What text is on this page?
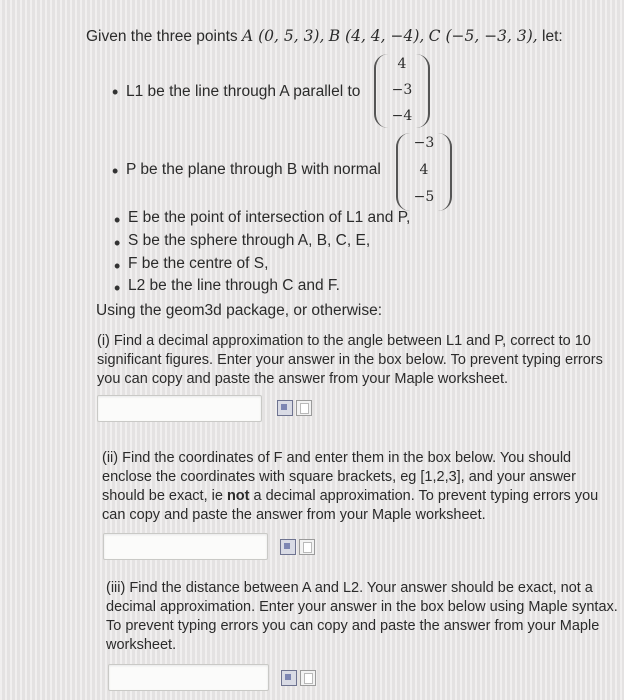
Given the three points A (0, 5, 3), B (4, 4, −4), C (−5, −3, 3), let:
• L1 be the line through A parallel to
4
−3
−4
• P be the plane through B with normal
−3
4
−5
• E be the point of intersection of L1 and P,
• S be the sphere through A, B, C, E,
• F be the centre of S,
• L2 be the line through C and F.
Using the geom3d package, or otherwise:
(i) Find a decimal approximation to the angle between L1 and P, correct to 10 significant figures. Enter your answer in the box below. To prevent typing errors you can copy and paste the answer from your Maple worksheet.
(ii) Find the coordinates of F and enter them in the box below. You should enclose the coordinates with square brackets, eg [1,2,3], and your answer should be exact, ie not a decimal approximation. To prevent typing errors you can copy and paste the answer from your Maple worksheet.
(iii) Find the distance between A and L2. Your answer should be exact, not a decimal approximation. Enter your answer in the box below using Maple syntax. To prevent typing errors you can copy and paste the answer from your Maple worksheet.
